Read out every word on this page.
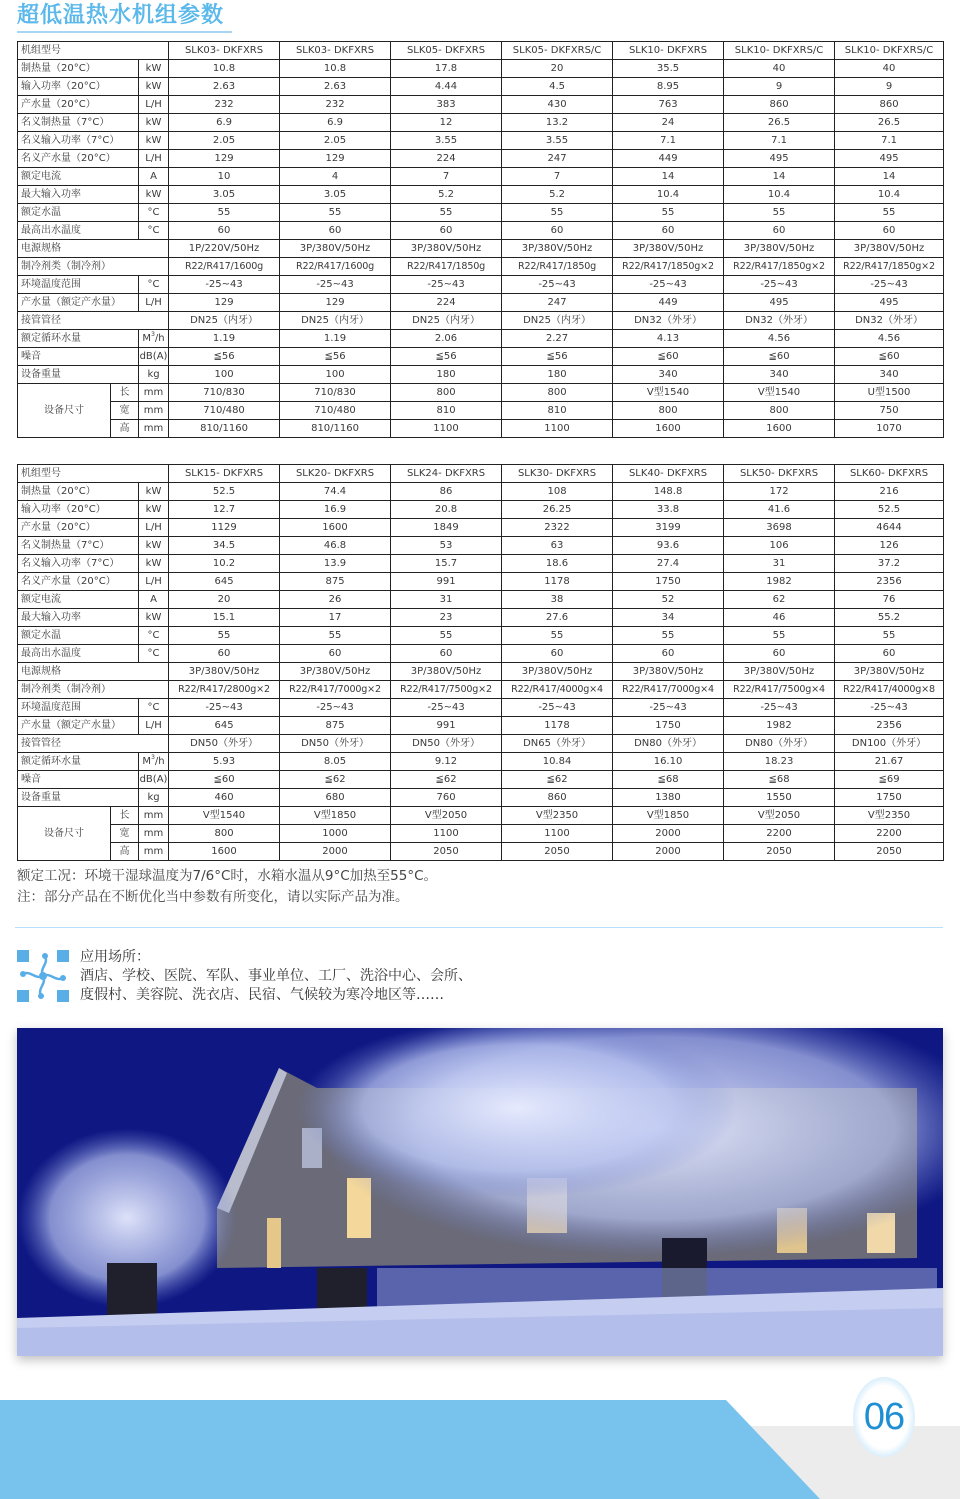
超低温热水机组参数
机组型号			SLK03- DKFXRS	SLK03- DKFXRS	SLK05- DKFXRS	SLK05- DKFXRS/C	SLK10- DKFXRS	SLK10- DKFXRS/C	SLK10- DKFXRS/C
制热量（20°C）		kW	10.8	10.8	17.8	20	35.5	40	40
输入功率（20°C）		kW	2.63	2.63	4.44	4.5	8.95	9	9
产水量（20°C）		L/H	232	232	383	430	763	860	860
名义制热量（7°C）		kW	6.9	6.9	12	13.2	24	26.5	26.5
名义输入功率（7°C）		kW	2.05	2.05	3.55	3.55	7.1	7.1	7.1
名义产水量（20°C）		L/H	129	129	224	247	449	495	495
额定电流		A	10	4	7	7	14	14	14
最大输入功率		kW	3.05	3.05	5.2	5.2	10.4	10.4	10.4
额定水温		°C	55	55	55	55	55	55	55
最高出水温度		°C	60	60	60	60	60	60	60
电源规格			1P/220V/50Hz	3P/380V/50Hz	3P/380V/50Hz	3P/380V/50Hz	3P/380V/50Hz	3P/380V/50Hz	3P/380V/50Hz
制冷剂类（制冷剂）			R22/R417/1600g	R22/R417/1600g	R22/R417/1850g	R22/R417/1850g	R22/R417/1850g×2	R22/R417/1850g×2	R22/R417/1850g×2
环境温度范围		°C	-25~43	-25~43	-25~43	-25~43	-25~43	-25~43	-25~43
产水量（额定产水量）		L/H	129	129	224	247	449	495	495
接管管径			DN25（内牙）	DN25（内牙）	DN25（内牙）	DN25（内牙）	DN32（外牙）	DN32（外牙）	DN32（外牙）
额定循环水量		$M^3/h$	1.19	1.19	2.06	2.27	4.13	4.56	4.56
噪音		dB(A)	≦56	≦56	≦56	≦56	≦60	≦60	≦60
设备重量		kg	100	100	180	180	340	340	340
设备尺寸	长	mm	710/830	710/830	800	800	V型1540	V型1540	U型1500
	宽	mm	710/480	710/480	810	810	800	800	750
	高	mm	810/1160	810/1160	1100	1100	1600	1600	1070
机组型号			SLK15- DKFXRS	SLK20- DKFXRS	SLK24- DKFXRS	SLK30- DKFXRS	SLK40- DKFXRS	SLK50- DKFXRS	SLK60- DKFXRS
制热量（20°C）		kW	52.5	74.4	86	108	148.8	172	216
输入功率（20°C）		kW	12.7	16.9	20.8	26.25	33.8	41.6	52.5
产水量（20°C）		L/H	1129	1600	1849	2322	3199	3698	4644
名义制热量（7°C）		kW	34.5	46.8	53	63	93.6	106	126
名义输入功率（7°C）		kW	10.2	13.9	15.7	18.6	27.4	31	37.2
名义产水量（20°C）		L/H	645	875	991	1178	1750	1982	2356
额定电流		A	20	26	31	38	52	62	76
最大输入功率		kW	15.1	17	23	27.6	34	46	55.2
额定水温		°C	55	55	55	55	55	55	55
最高出水温度		°C	60	60	60	60	60	60	60
电源规格			3P/380V/50Hz	3P/380V/50Hz	3P/380V/50Hz	3P/380V/50Hz	3P/380V/50Hz	3P/380V/50Hz	3P/380V/50Hz
制冷剂类（制冷剂）			R22/R417/2800g×2	R22/R417/7000g×2	R22/R417/7500g×2	R22/R417/4000g×4	R22/R417/7000g×4	R22/R417/7500g×4	R22/R417/4000g×8
环境温度范围		°C	-25~43	-25~43	-25~43	-25~43	-25~43	-25~43	-25~43
产水量（额定产水量）		L/H	645	875	991	1178	1750	1982	2356
接管管径			DN50（外牙）	DN50（外牙）	DN50（外牙）	DN65（外牙）	DN80（外牙）	DN80（外牙）	DN100（外牙）
额定循环水量		$M^3/h$	5.93	8.05	9.12	10.84	16.10	18.23	21.67
噪音		dB(A)	≦60	≦62	≦62	≦62	≦68	≦68	≦69
设备重量		kg	460	680	760	860	1380	1550	1750
设备尺寸	长	mm	V型1540	V型1850	V型2050	V型2350	V型1850	V型2050	V型2350
	宽	mm	800	1000	1100	1100	2000	2200	2200
	高	mm	1600	2000	2050	2050	2000	2050	2050
额定工况：环境干湿球温度为7/6°C时，水箱水温从9°C加热至55°C。
注：部分产品在不断优化当中参数有所变化，请以实际产品为准。
应用场所：
酒店、学校、医院、军队、事业单位、工厂、洗浴中心、会所、
度假村、美容院、洗衣店、民宿、气候较为寒冷地区等……
06
